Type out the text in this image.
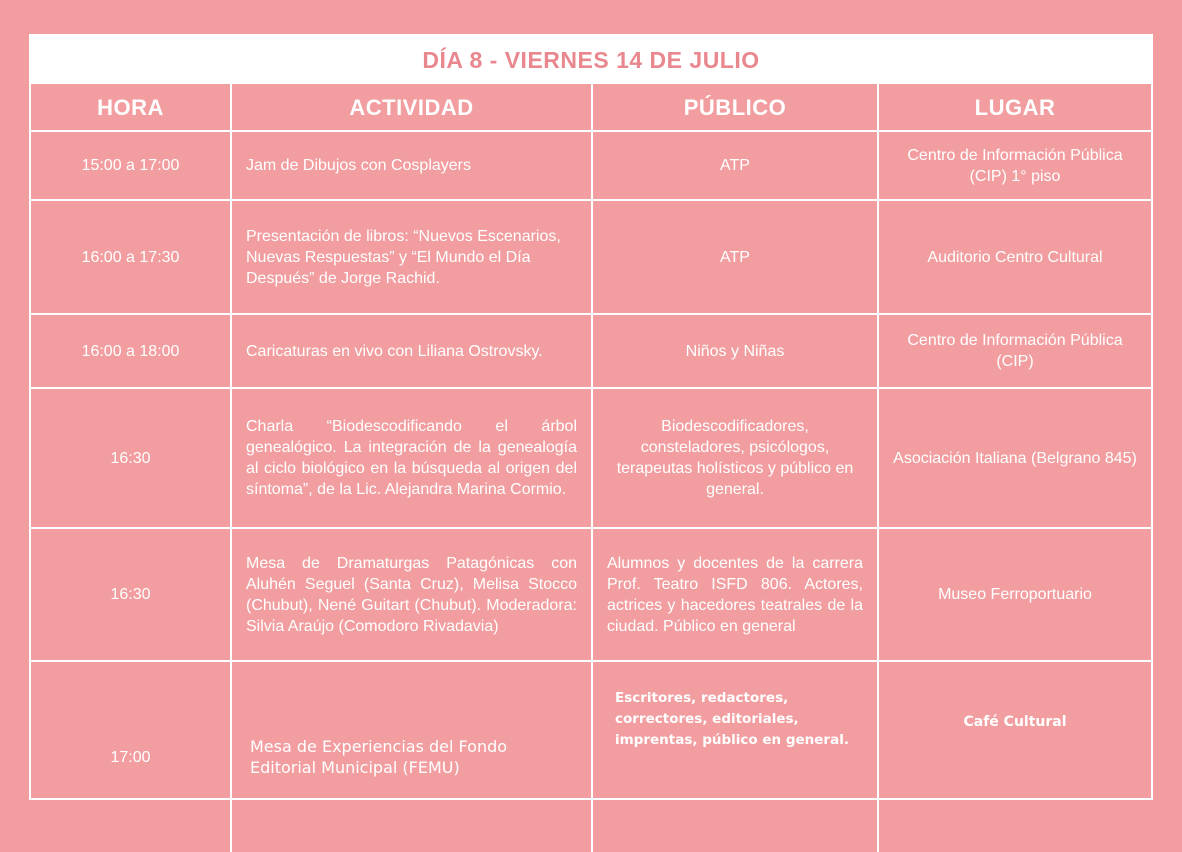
DÍA 8 - VIERNES 14 DE JULIO
HORA	ACTIVIDAD	PÚBLICO	LUGAR
15:00 a 17:00	Jam de Dibujos con Cosplayers	ATP	Centro de Información Pública (CIP) 1° piso
16:00 a 17:30	Presentación de libros: “Nuevos Escenarios, Nuevas Respuestas” y “El Mundo el Día Después” de Jorge Rachid.	ATP	Auditorio Centro Cultural
16:00 a 18:00	Caricaturas en vivo con Liliana Ostrovsky.	Niños y Niñas	Centro de Información Pública (CIP)
16:30	Charla “Biodescodificando el árbol genealógico. La integración de la genealogía al ciclo biológico en la búsqueda al origen del síntoma”, de la Lic. Alejandra Marina Cormio.	Biodescodificadores, consteladores, psicólogos, terapeutas holísticos y público en general.	Asociación Italiana (Belgrano 845)
16:30	Mesa de Dramaturgas Patagónicas con Aluhén Seguel (Santa Cruz), Melisa Stocco (Chubut), Nené Guitart (Chubut). Moderadora: Silvia Araújo (Comodoro Rivadavia)	Alumnos y docentes de la carrera Prof. Teatro ISFD 806. Actores, actrices y hacedores teatrales de la ciudad. Público en general	Museo Ferroportuario
17:00	Mesa de Experiencias del Fondo Editorial Municipal (FEMU)	Escritores, redactores, correctores, editoriales, imprentas, público en general.	Café Cultural
